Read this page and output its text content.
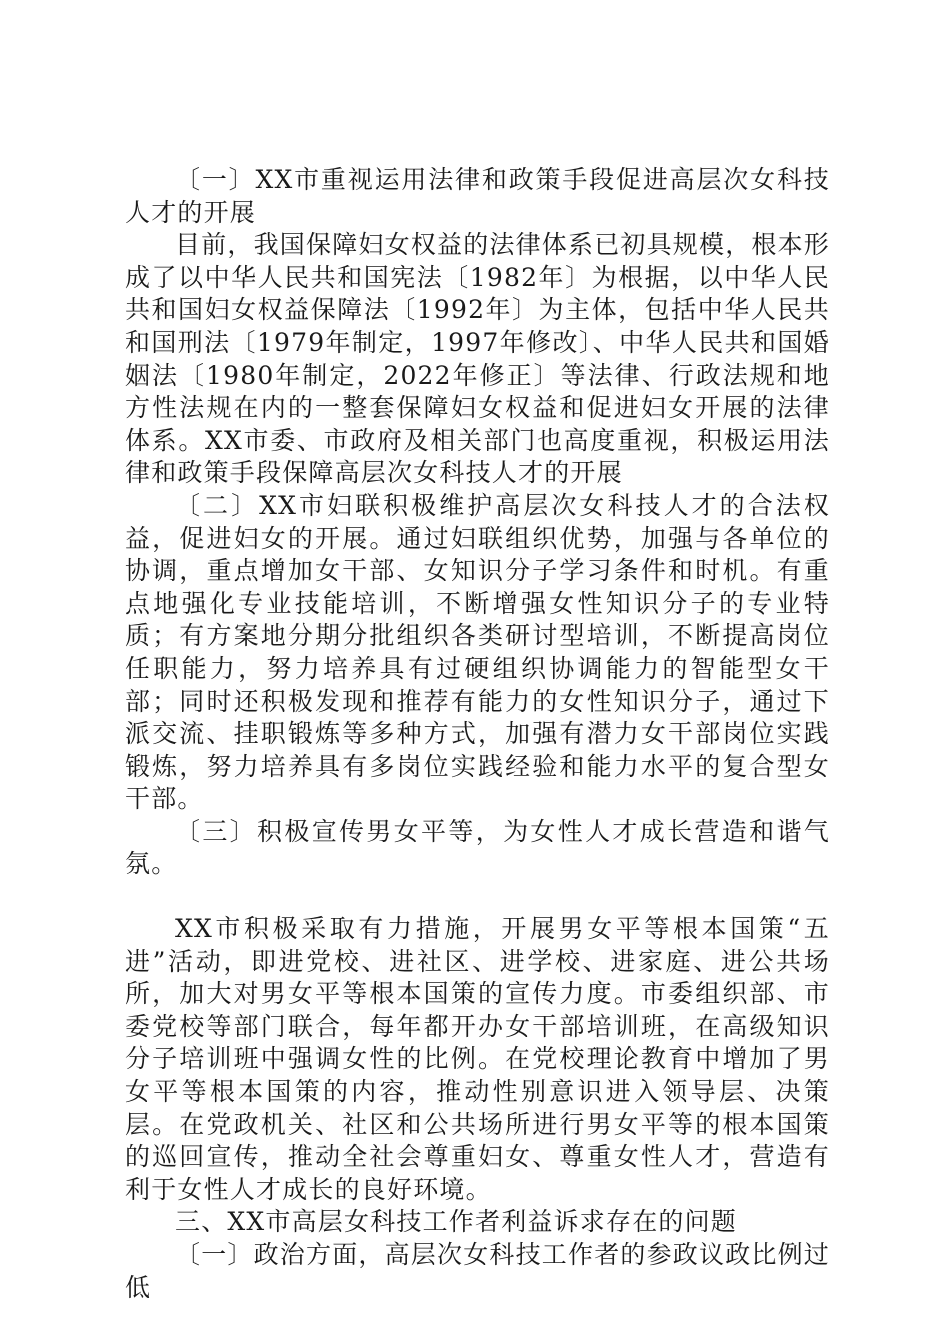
〔一〕XX市重视运用法律和政策手段促进高层次女科技人才的开展

目前，我国保障妇女权益的法律体系已初具规模，根本形成了以中华人民共和国宪法〔1982年〕为根据，以中华人民共和国妇女权益保障法〔1992年〕为主体，包括中华人民共和国刑法〔1979年制定，1997年修改〕、中华人民共和国婚姻法〔1980年制定，2022年修正〕等法律、行政法规和地方性法规在内的一整套保障妇女权益和促进妇女开展的法律体系。XX市委、市政府及相关部门也高度重视，积极运用法律和政策手段保障高层次女科技人才的开展

〔二〕XX市妇联积极维护高层次女科技人才的合法权益，促进妇女的开展。通过妇联组织优势，加强与各单位的协调，重点增加女干部、女知识分子学习条件和时机。有重点地强化专业技能培训，不断增强女性知识分子的专业特质；有方案地分期分批组织各类研讨型培训，不断提高岗位任职能力，努力培养具有过硬组织协调能力的智能型女干部；同时还积极发现和推荐有能力的女性知识分子，通过下派交流、挂职锻炼等多种方式，加强有潜力女干部岗位实践锻炼，努力培养具有多岗位实践经验和能力水平的复合型女干部。

〔三〕积极宣传男女平等，为女性人才成长营造和谐气氛。

XX市积极采取有力措施，开展男女平等根本国策“五进”活动，即进党校、进社区、进学校、进家庭、进公共场所，加大对男女平等根本国策的宣传力度。市委组织部、市委党校等部门联合，每年都开办女干部培训班，在高级知识分子培训班中强调女性的比例。在党校理论教育中增加了男女平等根本国策的内容，推动性别意识进入领导层、决策层。在党政机关、社区和公共场所进行男女平等的根本国策的巡回宣传，推动全社会尊重妇女、尊重女性人才，营造有利于女性人才成长的良好环境。

三、XX市高层女科技工作者利益诉求存在的问题

〔一〕政治方面，高层次女科技工作者的参政议政比例过低
